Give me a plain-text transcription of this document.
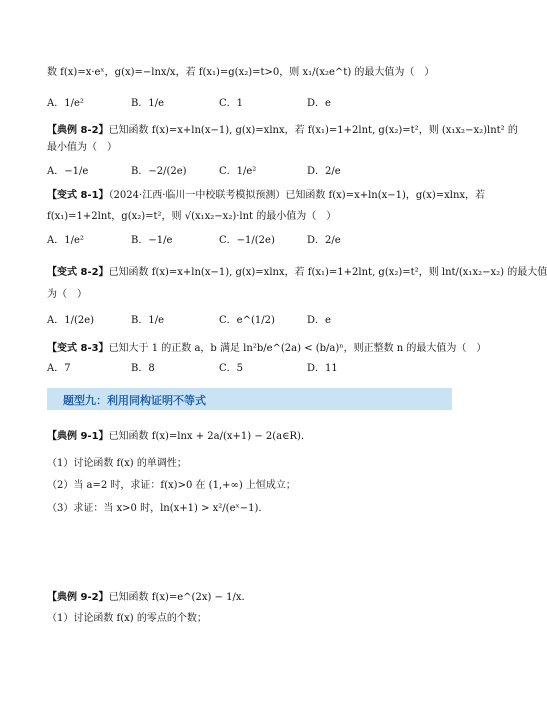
数 f(x)=x·eˣ，g(x)=−lnx/x，若 f(x₁)=g(x₂)=t>0，则 x₁/(x₂e^t) 的最大值为（　）
A．1/e²	B．1/e	C．1	D．e
【典例 8-2】已知函数 f(x)=x+ln(x−1), g(x)=xlnx，若 f(x₁)=1+2lnt, g(x₂)=t²，则 (x₁x₂−x₂)lnt² 的
最小值为（　）
A．−1/e	B．−2/(2e)	C．1/e²	D．2/e
【变式 8-1】（2024·江西·临川一中校联考模拟预测）已知函数 f(x)=x+ln(x−1)，g(x)=xlnx，若
f(x₁)=1+2lnt，g(x₂)=t²，则 √(x₁x₂−x₂)·lnt 的最小值为（　）
A．1/e²	B．−1/e	C．−1/(2e)	D．2/e
【变式 8-2】已知函数 f(x)=x+ln(x−1), g(x)=xlnx，若 f(x₁)=1+2lnt, g(x₂)=t²，则 lnt/(x₁x₂−x₂) 的最大值
为（　）
A．1/(2e)	B．1/e	C．e^(1/2)	D．e
【变式 8-3】已知大于 1 的正数 a，b 满足 ln²b/e^(2a) < (b/a)ⁿ，则正整数 n 的最大值为（　）
A．7	B．8	C．5	D．11
题型九：利用同构证明不等式
【典例 9-1】已知函数 f(x)=lnx + 2a/(x+1) − 2(a∈R)．
（1）讨论函数 f(x) 的单调性；
（2）当 a=2 时，求证：f(x)>0 在 (1,+∞) 上恒成立；
（3）求证：当 x>0 时，ln(x+1) > x²/(eˣ−1)．
【典例 9-2】已知函数 f(x)=e^(2x) − 1/x．
（1）讨论函数 f(x) 的零点的个数；
